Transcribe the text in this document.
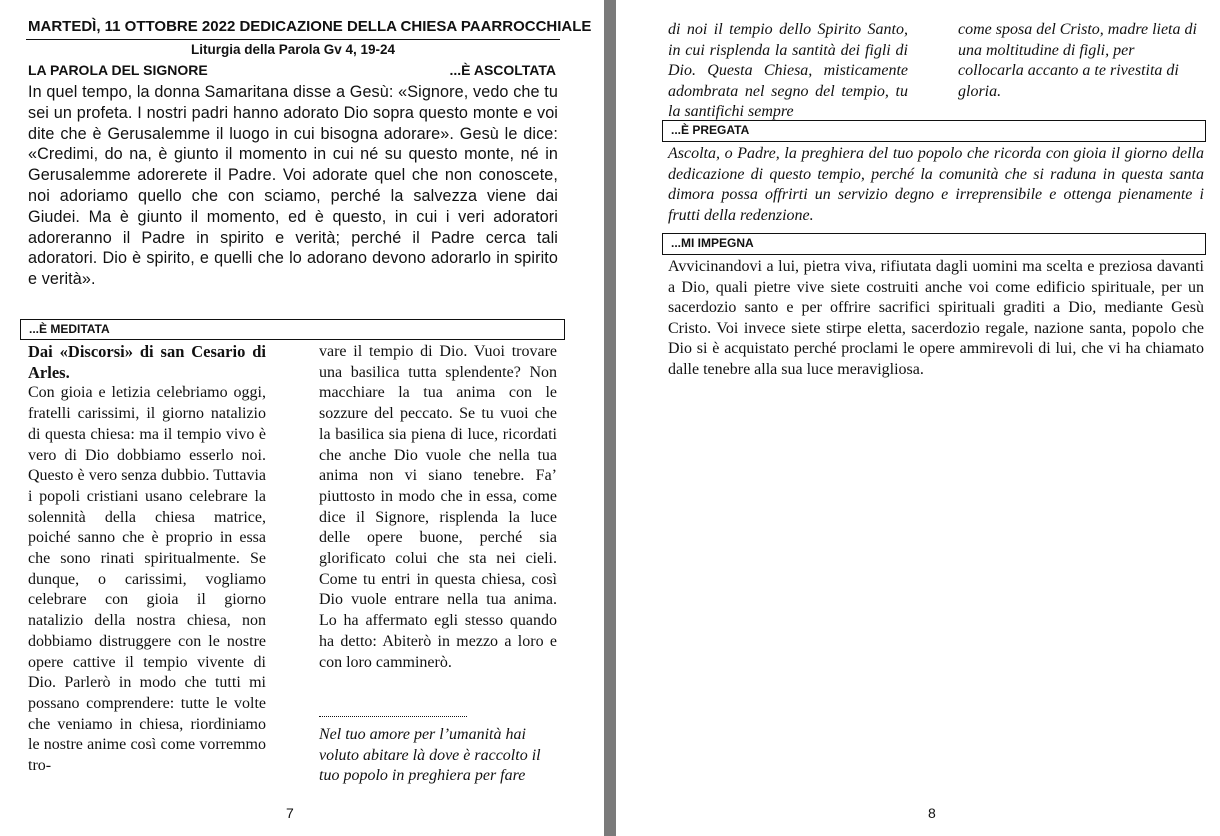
MARTEDÌ, 11 OTTOBRE 2022 DEDICAZIONE DELLA CHIESA PAARROCCHIALE
Liturgia della Parola Gv 4, 19-24
LA PAROLA DEL SIGNORE	...È ASCOLTATA
In quel tempo, la donna Samaritana disse a Gesù: «Signore, vedo che tu sei un profeta. I nostri padri hanno adorato Dio sopra questo monte e voi dite che è Gerusalemme il luogo in cui bisogna adorare». Gesù le dice: «Credimi, do na, è giunto il momento in cui né su questo monte, né in Gerusalemme adorerete il Padre. Voi adorate quel che non conoscete, noi adoriamo quello che con sciamo, perché la salvezza viene dai Giudei. Ma è giunto il momento, ed è questo, in cui i veri adoratori adoreranno il Padre in spirito e verità; perché il Padre cerca tali adoratori. Dio è spirito, e quelli che lo adorano devono adorarlo in spirito e verità».
...È MEDITATA
Dai «Discorsi» di san Cesario di Arles.
Con gioia e letizia celebriamo oggi, fratelli carissimi, il giorno natalizio di questa chiesa: ma il tempio vivo è vero di Dio dobbiamo esserlo noi. Questo è vero senza dubbio. Tuttavia i popoli cristiani usano celebrare la solennità della chiesa matrice, poiché sanno che è proprio in essa che sono rinati spiritualmente. Se dunque, o carissimi, vogliamo celebrare con gioia il giorno natalizio della nostra chiesa, non dobbiamo distruggere con le nostre opere cattive il tempio vivente di Dio. Parlerò in modo che tutti mi possano comprendere: tutte le volte che veniamo in chiesa, riordiniamo le nostre anime così come vorremmo tro-
vare il tempio di Dio. Vuoi trovare una basilica tutta splendente? Non macchiare la tua anima con le sozzure del peccato. Se tu vuoi che la basilica sia piena di luce, ricordati che anche Dio vuole che nella tua anima non vi siano tenebre. Fa’ piuttosto in modo che in essa, come dice il Signore, risplenda la luce delle opere buone, perché sia glorificato colui che sta nei cieli. Come tu entri in questa chiesa, così Dio vuole entrare nella tua anima. Lo ha affermato egli stesso quando ha detto: Abiterò in mezzo a loro e con loro camminerò.
Nel tuo amore per l’umanità hai voluto abitare là dove è raccolto il tuo popolo in preghiera per fare
7
di noi il tempio dello Spirito Santo, in cui risplenda la santità dei figli di Dio. Questa Chiesa, misticamente adombrata nel segno del tempio, tu la santifichi sempre
come sposa del Cristo, madre lieta di una moltitudine di figli, per collocarla accanto a te rivestita di gloria.
...È PREGATA
Ascolta, o Padre, la preghiera del tuo popolo che ricorda con gioia il giorno della dedicazione di questo tempio, perché la comunità che si raduna in questa santa dimora possa offrirti un servizio degno e irreprensibile e ottenga pienamente i frutti della redenzione.
...MI IMPEGNA
Avvicinandovi a lui, pietra viva, rifiutata dagli uomini ma scelta e preziosa davanti a Dio, quali pietre vive siete costruiti anche voi come edificio spirituale, per un sacerdozio santo e per offrire sacrifici spirituali graditi a Dio, mediante Gesù Cristo. Voi invece siete stirpe eletta, sacerdozio regale, nazione santa, popolo che Dio si è acquistato perché proclami le opere ammirevoli di lui, che vi ha chiamato dalle tenebre alla sua luce meravigliosa.
8
